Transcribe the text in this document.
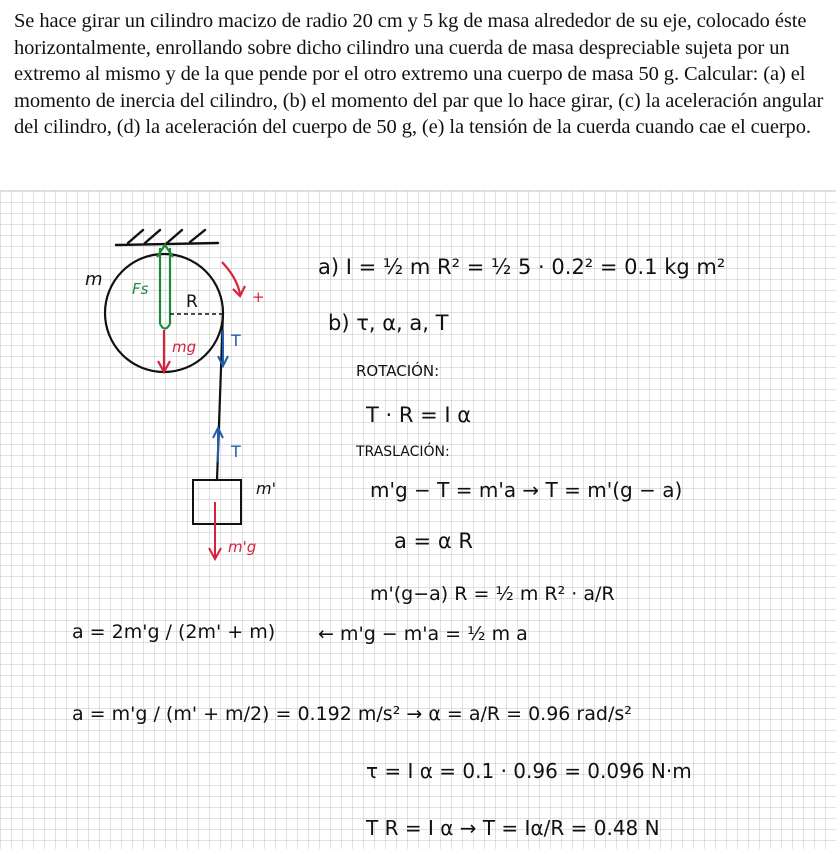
Se hace girar un cilindro macizo de radio 20 cm y 5 kg de masa alrededor de su eje, colocado éste horizontalmente, enrollando sobre dicho cilindro una cuerda de masa despreciable sujeta por un extremo al mismo y de la que pende por el otro extremo una cuerpo de masa 50 g. Calcular: (a) el momento de inercia del cilindro, (b) el momento del par que lo hace girar, (c) la aceleración angular del cilindro, (d) la aceleración del cuerpo de 50 g, (e) la tensión de la cuerda cuando cae el cuerpo.

Fs
R
m
+
mg T
T
m'
m'g
a) I = ½ m R² = ½ 5 · 0.2² = 0.1 kg m²
b) τ, α, a, T
ROTACIÓN:
T · R = I α
TRASLACIÓN:
m'g − T = m'a → T = m'(g − a)
a = α R
m'(g−a) R = ½ m R² · a/R
← m'g − m'a = ½ m a
a = 2m'g / (2m' + m)
a = m'g / (m' + m/2) = 0.192 m/s² → α = a/R = 0.96 rad/s²
τ = I α = 0.1 · 0.96 = 0.096 N·m
T R = I α → T = Iα/R = 0.48 N
